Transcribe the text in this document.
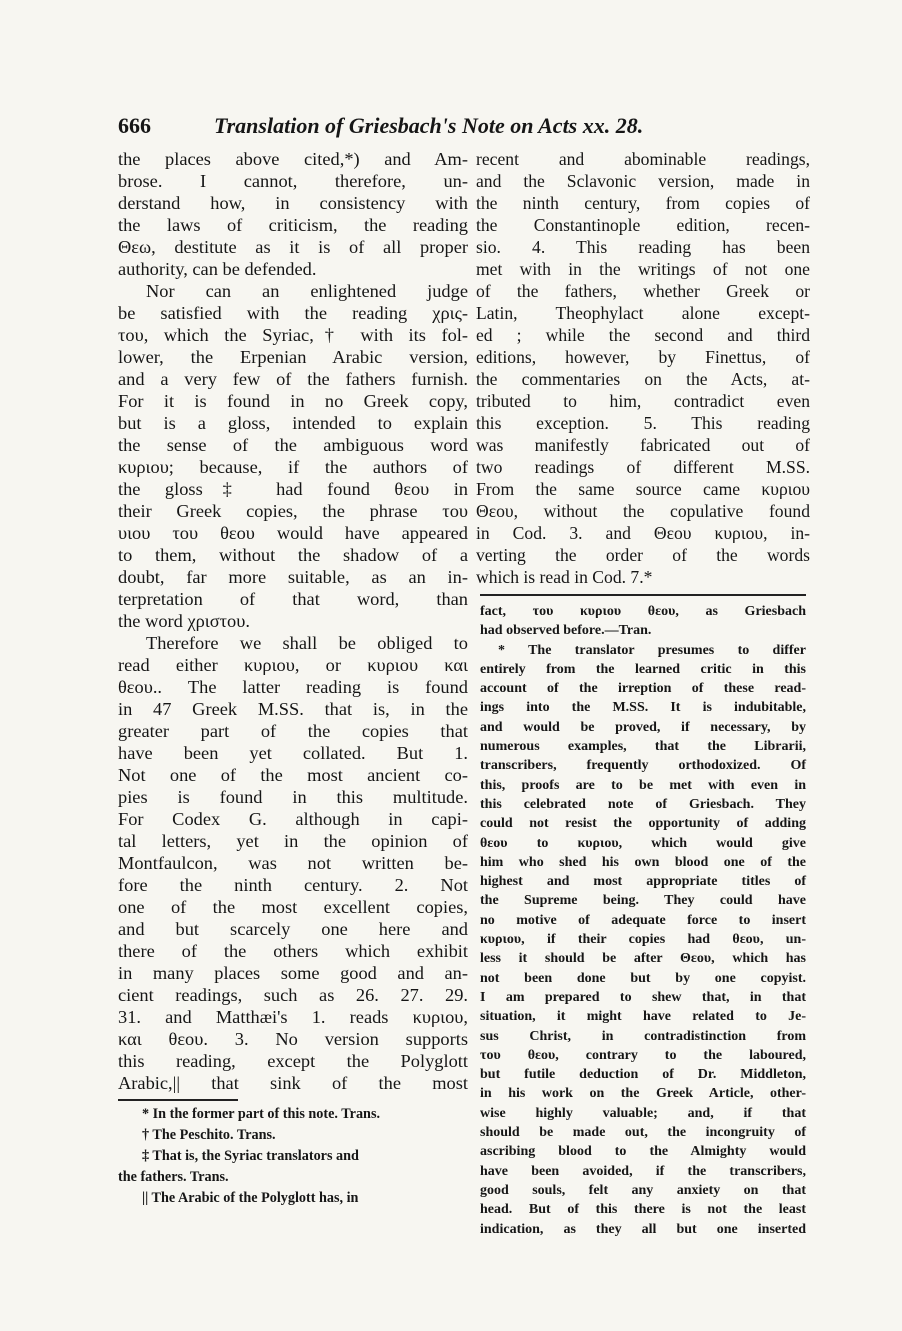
666	Translation of Griesbach's Note on Acts xx. 28.
the places above cited,*) and Am-
brose. I cannot, therefore, un-
derstand how, in consistency with
the laws of criticism, the reading
Θεω, destitute as it is of all proper
authority, can be defended.
Nor can an enlightened judge
be satisfied with the reading χρις-
του, which the Syriac,† with its fol-
lower, the Erpenian Arabic version,
and a very few of the fathers furnish.
For it is found in no Greek copy,
but is a gloss, intended to explain
the sense of the ambiguous word
κυριου; because, if the authors of
the gloss‡ had found θεου in
their Greek copies, the phrase του
υιου του θεου would have appeared
to them, without the shadow of a
doubt, far more suitable, as an in-
terpretation of that word, than
the word χριστου.
Therefore we shall be obliged to
read either κυριου, or κυριου και
θεου.. The latter reading is found
in 47 Greek M.SS. that is, in the
greater part of the copies that
have been yet collated. But 1.
Not one of the most ancient co-
pies is found in this multitude.
For Codex G. although in capi-
tal letters, yet in the opinion of
Montfaulcon, was not written be-
fore the ninth century. 2. Not
one of the most excellent copies,
and but scarcely one here and
there of the others which exhibit
in many places some good and an-
cient readings, such as 26. 27. 29.
31. and Matthæi's 1. reads κυριου,
και θεου. 3. No version supports
this reading, except the Polyglott
Arabic,|| that sink of the most
* In the former part of this note. Trans.
† The Peschito. Trans.
‡ That is, the Syriac translators and
the fathers. Trans.
|| The Arabic of the Polyglott has, in
recent and abominable readings,
and the Sclavonic version, made in
the ninth century, from copies of
the Constantinople edition, recen-
sio. 4. This reading has been
met with in the writings of not one
of the fathers, whether Greek or
Latin, Theophylact alone except-
ed ; while the second and third
editions, however, by Finettus, of
the commentaries on the Acts, at-
tributed to him, contradict even
this exception. 5. This reading
was manifestly fabricated out of
two readings of different M.SS.
From the same source came κυριου
Θεου, without the copulative found
in Cod. 3. and Θεου κυριου, in-
verting the order of the words
which is read in Cod. 7.*
fact, του κυριου θεου, as Griesbach
had observed before.—Tran.
* The translator presumes to differ
entirely from the learned critic in this
account of the irreption of these read-
ings into the M.SS. It is indubitable,
and would be proved, if necessary, by
numerous examples, that the Librarii,
transcribers, frequently orthodoxized. Of
this, proofs are to be met with even in
this celebrated note of Griesbach. They
could not resist the opportunity of adding
θεου to κυριου, which would give
him who shed his own blood one of the
highest and most appropriate titles of
the Supreme being. They could have
no motive of adequate force to insert
κυριου, if their copies had θεου, un-
less it should be after Θεου, which has
not been done but by one copyist.
I am prepared to shew that, in that
situation, it might have related to Je-
sus Christ, in contradistinction from
του θεου, contrary to the laboured,
but futile deduction of Dr. Middleton,
in his work on the Greek Article, other-
wise highly valuable; and, if that
should be made out, the incongruity of
ascribing blood to the Almighty would
have been avoided, if the transcribers,
good souls, felt any anxiety on that
head. But of this there is not the least
indication, as they all but one inserted
